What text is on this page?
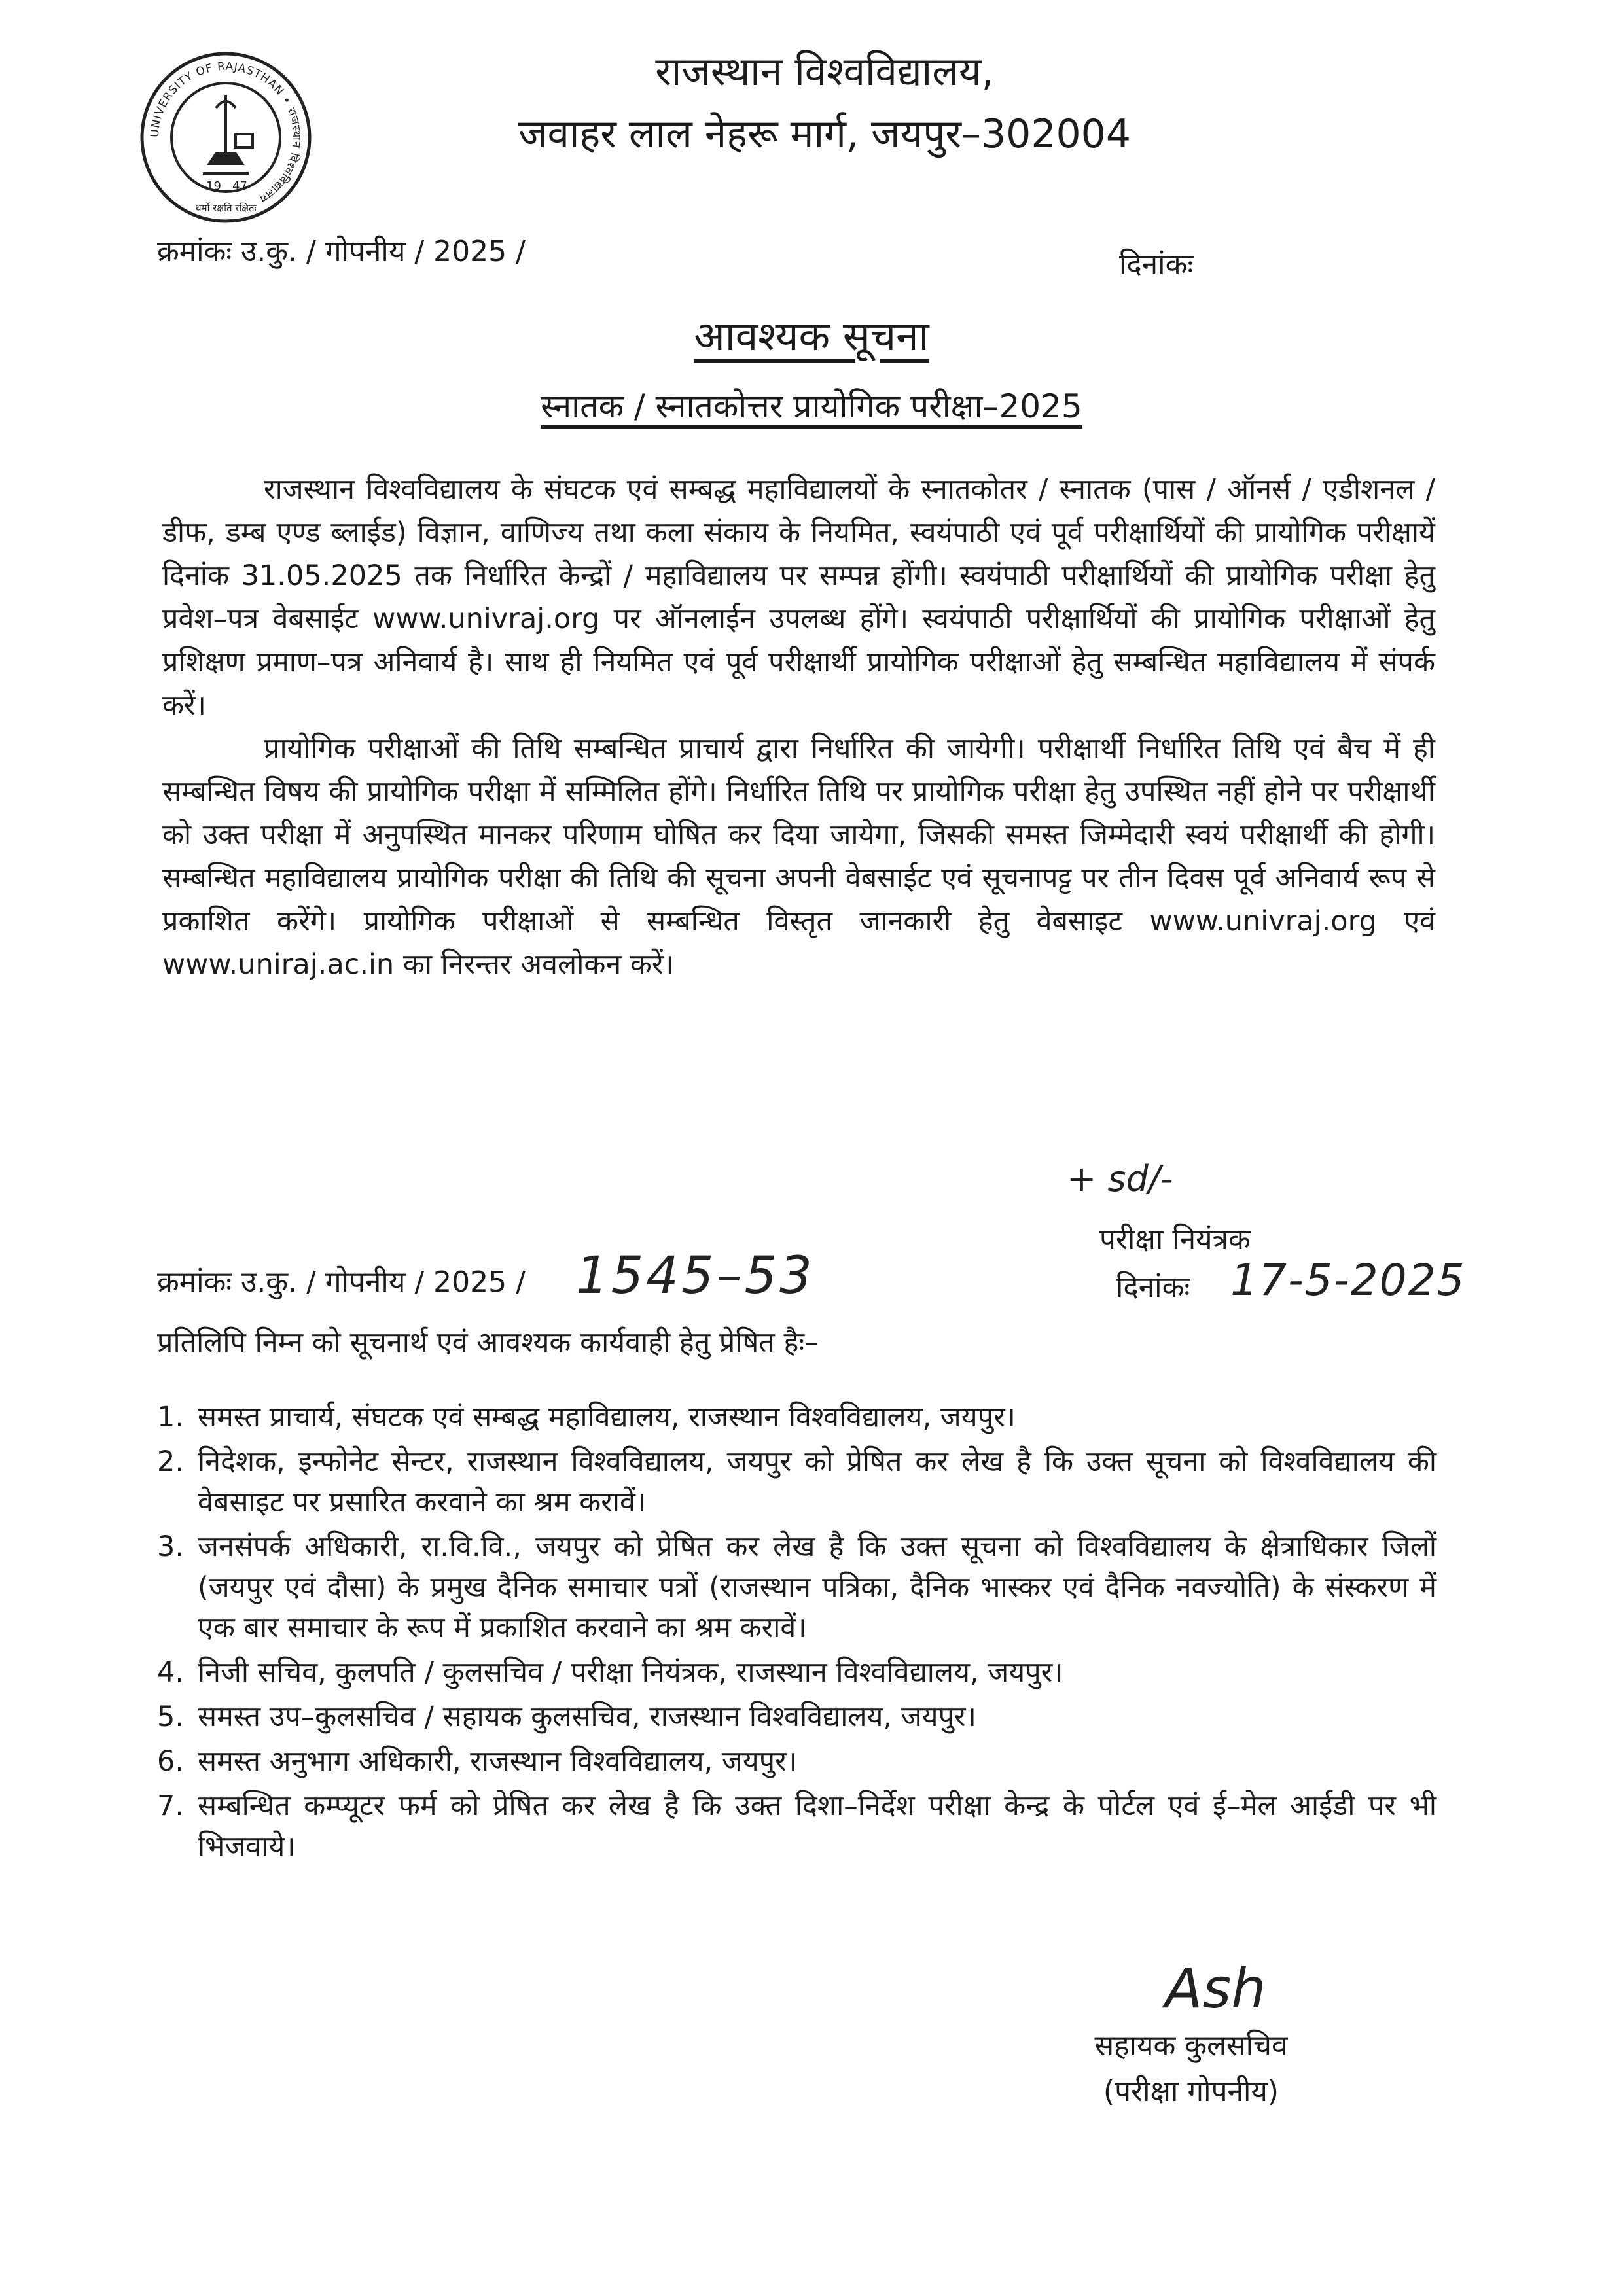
UNIVERSITY OF RAJASTHAN • राजस्थान विश्वविद्यालय
19 47
धर्मो रक्षति रक्षितः
राजस्थान विश्वविद्यालय,
जवाहर लाल नेहरू मार्ग, जयपुर–302004
क्रमांकः उ.कु. / गोपनीय / 2025 /	दिनांकः
आवश्यक सूचना
स्नातक / स्नातकोत्तर प्रायोगिक परीक्षा–2025

राजस्थान विश्वविद्यालय के संघटक एवं सम्बद्ध महाविद्यालयों के स्नातकोतर / स्नातक (पास / ऑनर्स / एडीशनल / डीफ, डम्ब एण्ड ब्लाईड) विज्ञान, वाणिज्य तथा कला संकाय के नियमित, स्वयंपाठी एवं पूर्व परीक्षार्थियों की प्रायोगिक परीक्षायें दिनांक 31.05.2025 तक निर्धारित केन्द्रों / महाविद्यालय पर सम्पन्न होंगी। स्वयंपाठी परीक्षार्थियों की प्रायोगिक परीक्षा हेतु प्रवेश–पत्र वेबसाईट www.univraj.org पर ऑनलाईन उपलब्ध होंगे। स्वयंपाठी परीक्षार्थियों की प्रायोगिक परीक्षाओं हेतु प्रशिक्षण प्रमाण–पत्र अनिवार्य है। साथ ही नियमित एवं पूर्व परीक्षार्थी प्रायोगिक परीक्षाओं हेतु सम्बन्धित महाविद्यालय में संपर्क करें।

प्रायोगिक परीक्षाओं की तिथि सम्बन्धित प्राचार्य द्वारा निर्धारित की जायेगी। परीक्षार्थी निर्धारित तिथि एवं बैच में ही सम्बन्धित विषय की प्रायोगिक परीक्षा में सम्मिलित होंगे। निर्धारित तिथि पर प्रायोगिक परीक्षा हेतु उपस्थित नहीं होने पर परीक्षार्थी को उक्त परीक्षा में अनुपस्थित मानकर परिणाम घोषित कर दिया जायेगा, जिसकी समस्त जिम्मेदारी स्वयं परीक्षार्थी की होगी। सम्बन्धित महाविद्यालय प्रायोगिक परीक्षा की तिथि की सूचना अपनी वेबसाईट एवं सूचनापट्ट पर तीन दिवस पूर्व अनिवार्य रूप से प्रकाशित करेंगे। प्रायोगिक परीक्षाओं से सम्बन्धित विस्तृत जानकारी हेतु वेबसाइट www.univraj.org एवं www.uniraj.ac.in का निरन्तर अवलोकन करें।

+ sd/-
परीक्षा नियंत्रक
क्रमांकः उ.कु. / गोपनीय / 2025 / 1545–53	दिनांकः 17-5-2025
प्रतिलिपि निम्न को सूचनार्थ एवं आवश्यक कार्यवाही हेतु प्रेषित हैः–
1. समस्त प्राचार्य, संघटक एवं सम्बद्ध महाविद्यालय, राजस्थान विश्वविद्यालय, जयपुर।
2. निदेशक, इन्फोनेट सेन्टर, राजस्थान विश्वविद्यालय, जयपुर को प्रेषित कर लेख है कि उक्त सूचना को विश्वविद्यालय की वेबसाइट पर प्रसारित करवाने का श्रम करावें।
3. जनसंपर्क अधिकारी, रा.वि.वि., जयपुर को प्रेषित कर लेख है कि उक्त सूचना को विश्वविद्यालय के क्षेत्राधिकार जिलों (जयपुर एवं दौसा) के प्रमुख दैनिक समाचार पत्रों (राजस्थान पत्रिका, दैनिक भास्कर एवं दैनिक नवज्योति) के संस्करण में एक बार समाचार के रूप में प्रकाशित करवाने का श्रम करावें।
4. निजी सचिव, कुलपति / कुलसचिव / परीक्षा नियंत्रक, राजस्थान विश्वविद्यालय, जयपुर।
5. समस्त उप–कुलसचिव / सहायक कुलसचिव, राजस्थान विश्वविद्यालय, जयपुर।
6. समस्त अनुभाग अधिकारी, राजस्थान विश्वविद्यालय, जयपुर।
7. सम्बन्धित कम्प्यूटर फर्म को प्रेषित कर लेख है कि उक्त दिशा–निर्देश परीक्षा केन्द्र के पोर्टल एवं ई–मेल आईडी पर भी भिजवाये।
Ash
सहायक कुलसचिव
(परीक्षा गोपनीय)
